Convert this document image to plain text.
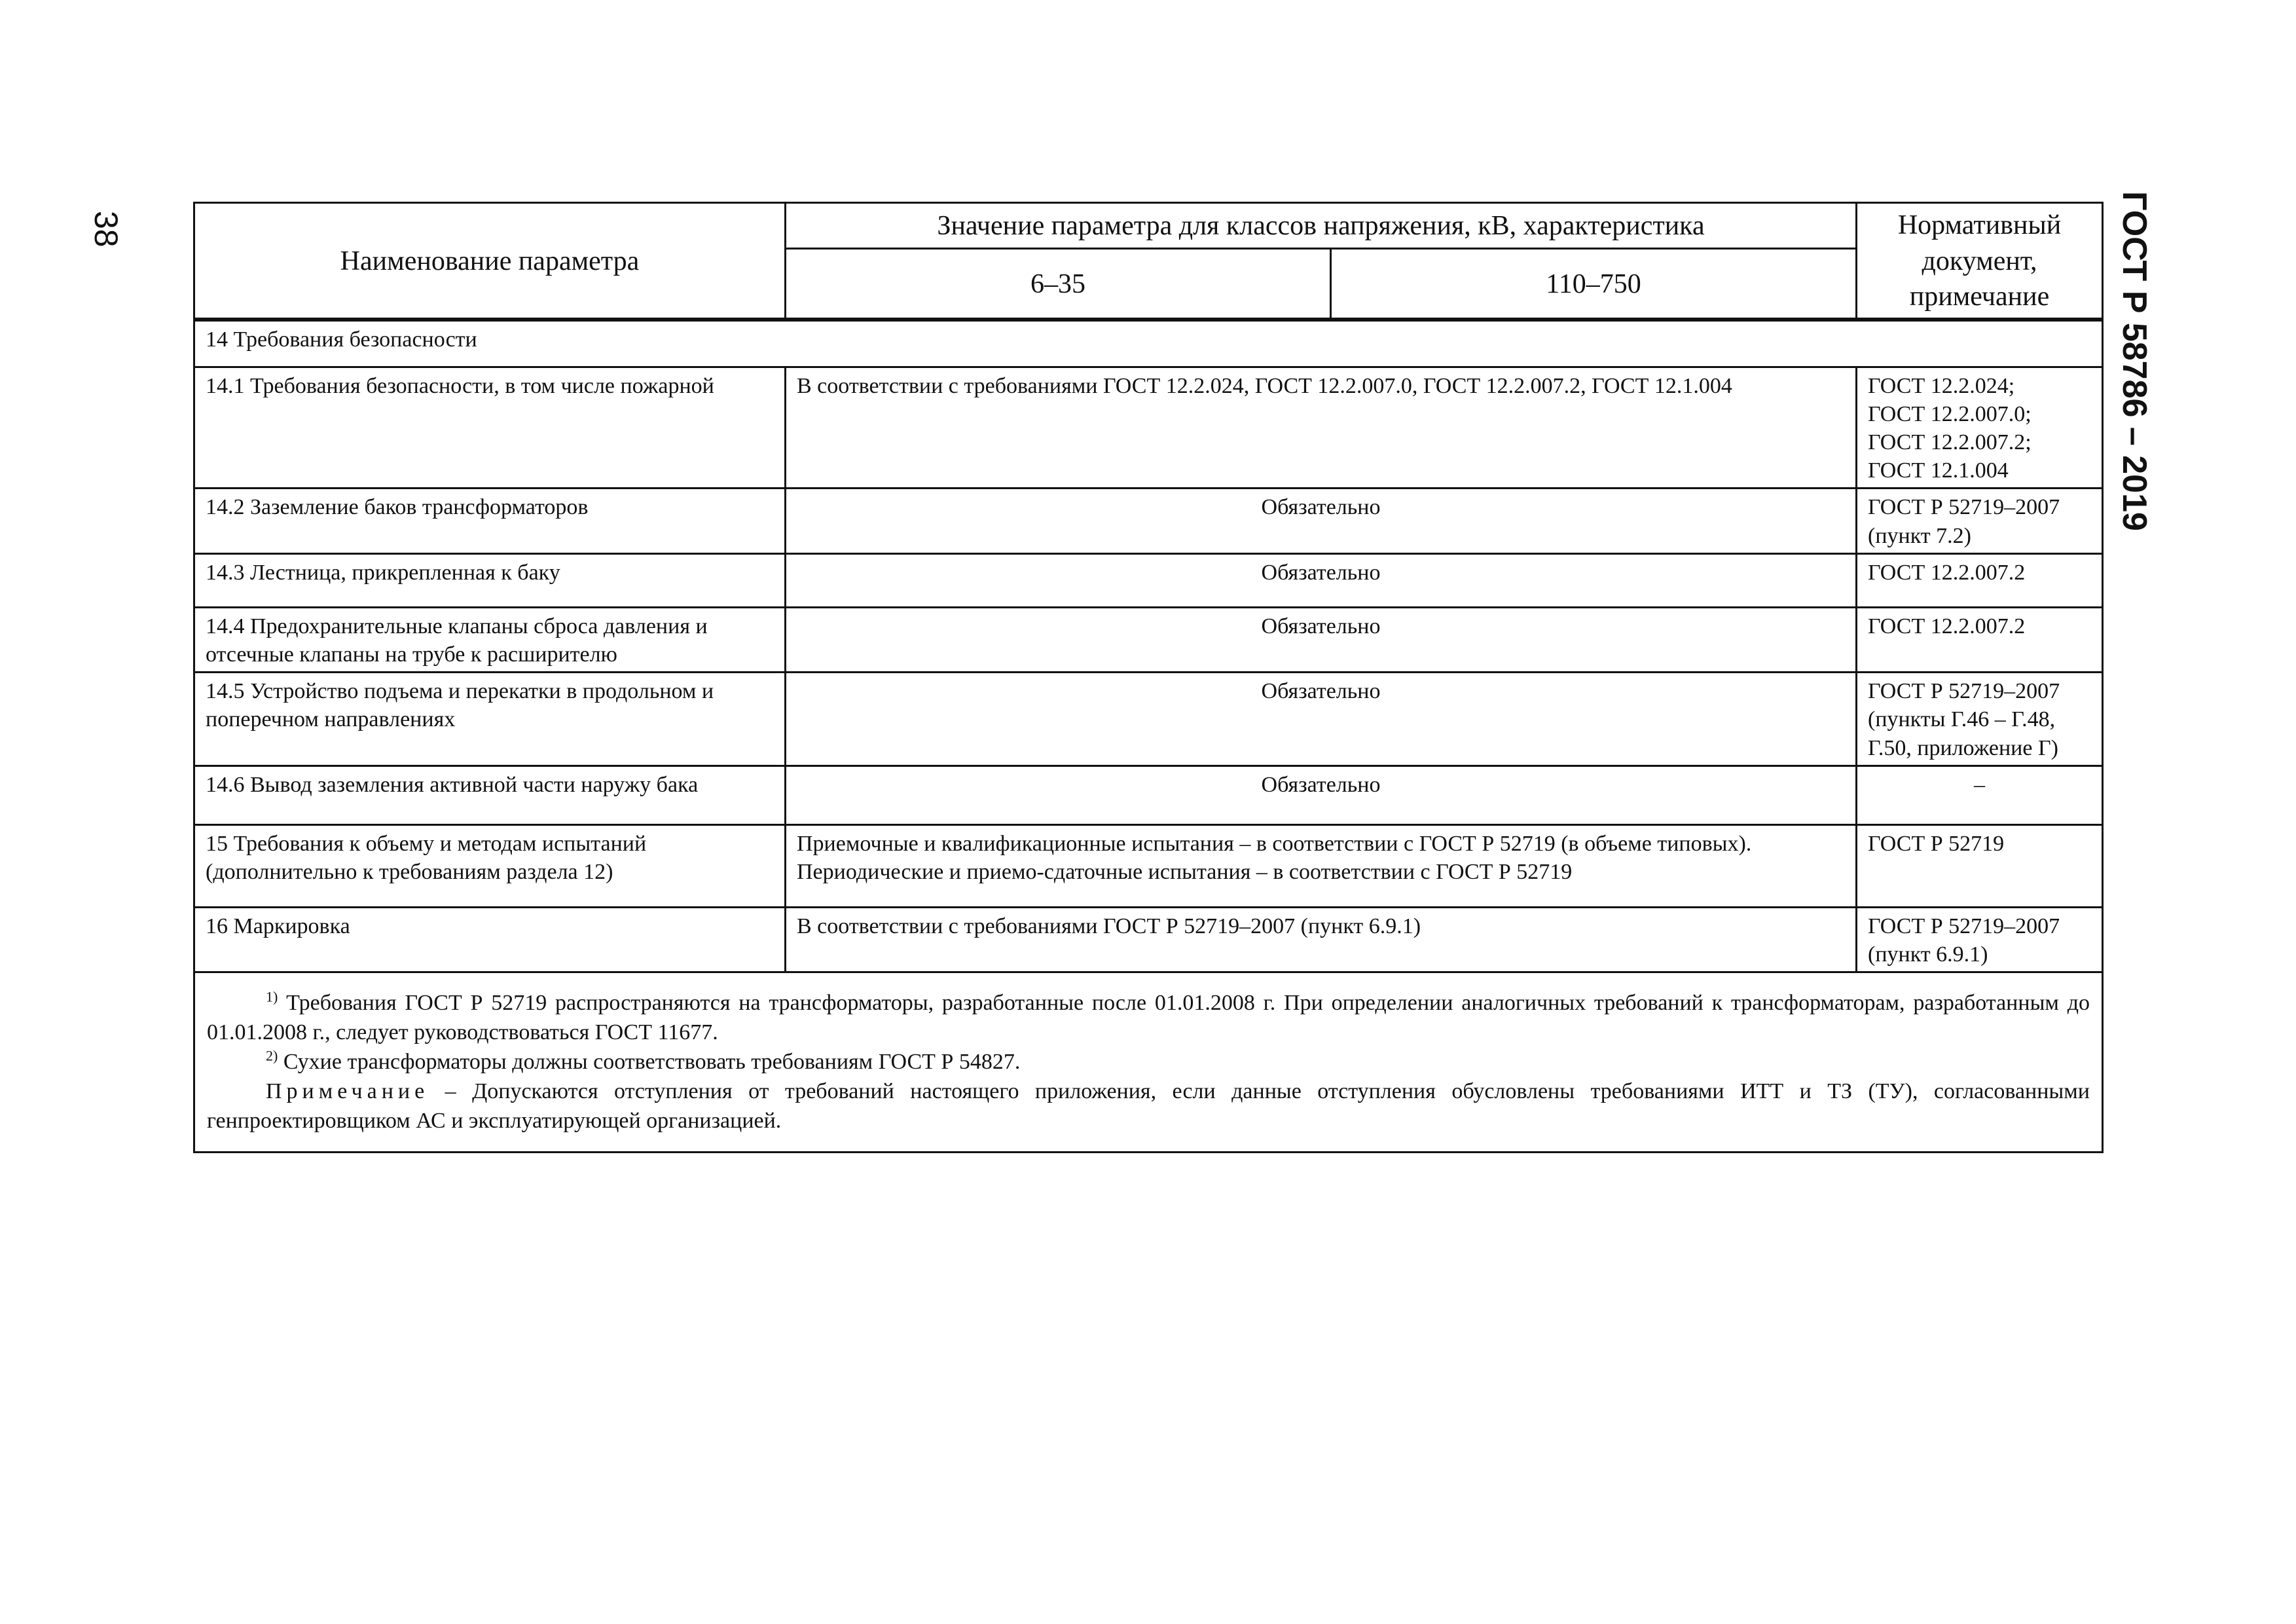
38	ГОСТ Р 58786 – 2019
Наименование параметра	Значение параметра для классов напряжения, кВ, характеристика		Нормативный документ, примечание
	6–35	110–750	
14 Требования безопасности			
14.1 Требования безопасности, в том числе пожарной	В соответствии с требованиями ГОСТ 12.2.024, ГОСТ 12.2.007.0, ГОСТ 12.2.007.2, ГОСТ 12.1.004		ГОСТ 12.2.024;
ГОСТ 12.2.007.0;
ГОСТ 12.2.007.2;
ГОСТ 12.1.004

14.2 Заземление баков трансформаторов	Обязательно		ГОСТ Р 52719–2007
(пункт 7.2)

14.3 Лестница, прикрепленная к баку	Обязательно		ГОСТ 12.2.007.2

14.4 Предохранительные клапаны сброса давления и отсечные клапаны на трубе к расширителю	Обязательно		ГОСТ 12.2.007.2

14.5 Устройство подъема и перекатки в продольном и поперечном направлениях	Обязательно		ГОСТ Р 52719–2007
(пункты Г.46 – Г.48,
Г.50, приложение Г)

14.6 Вывод заземления активной части наружу бака	Обязательно		–

15 Требования к объему и методам испытаний (дополнительно к требованиям раздела 12)	Приемочные и квалификационные испытания – в соответствии с ГОСТ Р 52719 (в объеме типовых).
Периодические и приемо-сдаточные испытания – в соответствии с ГОСТ Р 52719		ГОСТ Р 52719

16 Маркировка	В соответствии с требованиями ГОСТ Р 52719–2007 (пункт 6.9.1)		ГОСТ Р 52719–2007
(пункт 6.9.1)

$^{1)}$ Требования ГОСТ Р 52719 распространяются на трансформаторы, разработанные после 01.01.2008 г. При определении аналогичных требований к трансформаторам, разработанным до 01.01.2008 г., следует руководствоваться ГОСТ 11677.

$^{2)}$ Сухие трансформаторы должны соответствовать требованиям ГОСТ Р 54827.

Примечание – Допускаются отступления от требований настоящего приложения, если данные отступления обусловлены требованиями ИТТ и ТЗ (ТУ), согласованными генпроектировщиком АС и эксплуатирующей организацией.			
